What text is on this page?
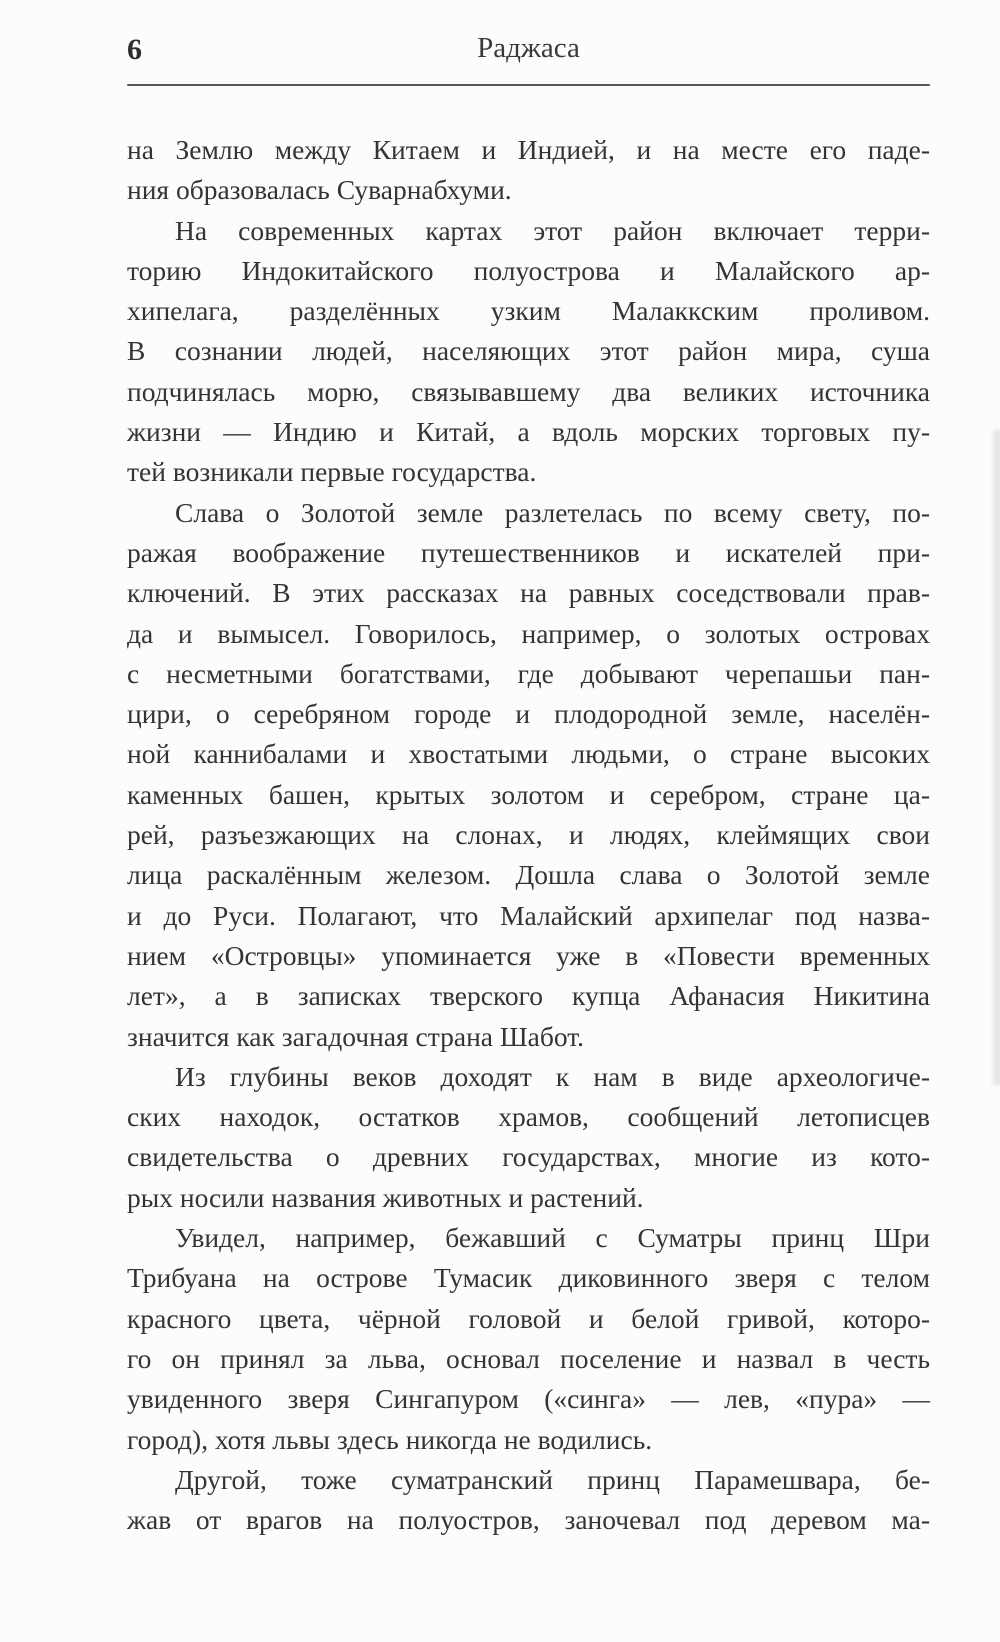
6	Раджаса
на Землю между Китаем и Индией, и на месте его паде-
ния образовалась Суварнабхуми.
На современных картах этот район включает терри-
торию Индокитайского полуострова и Малайского ар-
хипелага, разделённых узким Малаккским проливом.
В сознании людей, населяющих этот район мира, суша
подчинялась морю, связывавшему два великих источника
жизни — Индию и Китай, а вдоль морских торговых пу-
тей возникали первые государства.
Слава о Золотой земле разлетелась по всему свету, по-
ражая воображение путешественников и искателей при-
ключений. В этих рассказах на равных соседствовали прав-
да и вымысел. Говорилось, например, о золотых островах
с несметными богатствами, где добывают черепашьи пан-
цири, о серебряном городе и плодородной земле, населён-
ной каннибалами и хвостатыми людьми, о стране высоких
каменных башен, крытых золотом и серебром, стране ца-
рей, разъезжающих на слонах, и людях, клеймящих свои
лица раскалённым железом. Дошла слава о Золотой земле
и до Руси. Полагают, что Малайский архипелаг под назва-
нием «Островцы» упоминается уже в «Повести временных
лет», а в записках тверского купца Афанасия Никитина
значится как загадочная страна Шабот.
Из глубины веков доходят к нам в виде археологиче-
ских находок, остатков храмов, сообщений летописцев
свидетельства о древних государствах, многие из кото-
рых носили названия животных и растений.
Увидел, например, бежавший с Суматры принц Шри
Трибуана на острове Тумасик диковинного зверя с телом
красного цвета, чёрной головой и белой гривой, которо-
го он принял за льва, основал поселение и назвал в честь
увиденного зверя Сингапуром («синга» — лев, «пура» —
город), хотя львы здесь никогда не водились.
Другой, тоже суматранский принц Парамешвара, бе-
жав от врагов на полуостров, заночевал под деревом ма-
